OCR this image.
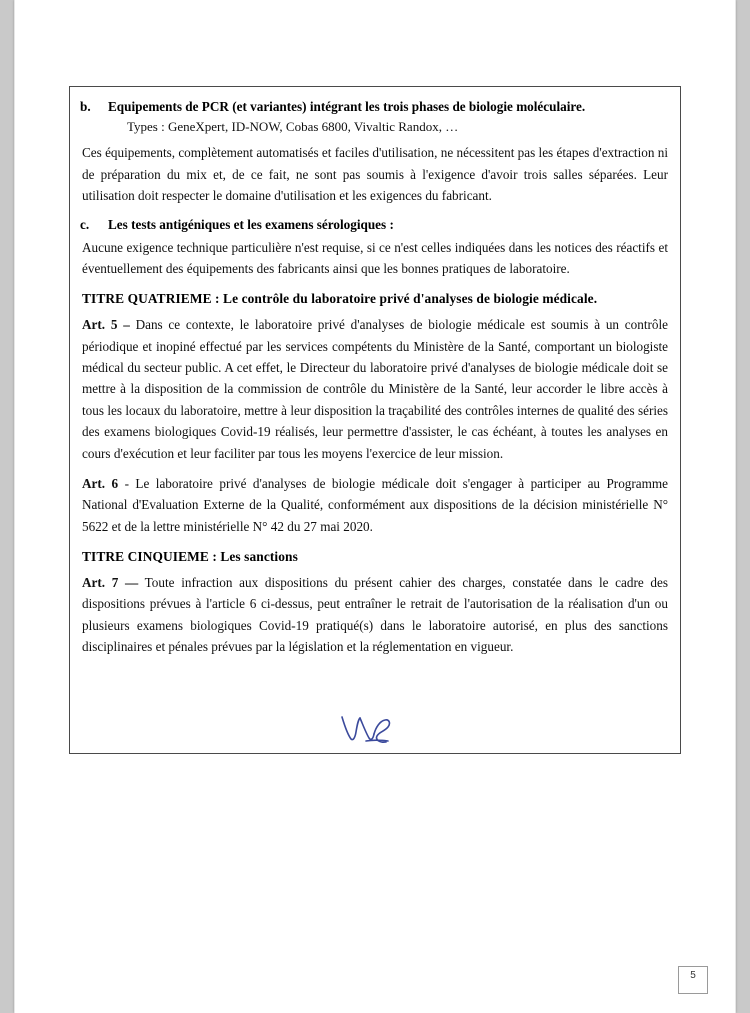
b. Equipements de PCR (et variantes) intégrant les trois phases de biologie moléculaire.

Types : GeneXpert, ID-NOW, Cobas 6800, Vivaltic Randox, …

Ces équipements, complètement automatisés et faciles d'utilisation, ne nécessitent pas les étapes d'extraction ni de préparation du mix et, de ce fait, ne sont pas soumis à l'exigence d'avoir trois salles séparées. Leur utilisation doit respecter le domaine d'utilisation et les exigences du fabricant.

c. Les tests antigéniques et les examens sérologiques :

Aucune exigence technique particulière n'est requise, si ce n'est celles indiquées dans les notices des réactifs et éventuellement des équipements des fabricants ainsi que les bonnes pratiques de laboratoire.

TITRE QUATRIEME : Le contrôle du laboratoire privé d'analyses de biologie médicale.

Art. 5 – Dans ce contexte, le laboratoire privé d'analyses de biologie médicale est soumis à un contrôle périodique et inopiné effectué par les services compétents du Ministère de la Santé, comportant un biologiste médical du secteur public. A cet effet, le Directeur du laboratoire privé d'analyses de biologie médicale doit se mettre à la disposition de la commission de contrôle du Ministère de la Santé, leur accorder le libre accès à tous les locaux du laboratoire, mettre à leur disposition la traçabilité des contrôles internes de qualité des séries des examens biologiques Covid-19 réalisés, leur permettre d'assister, le cas échéant, à toutes les analyses en cours d'exécution et leur faciliter par tous les moyens l'exercice de leur mission.

Art. 6 - Le laboratoire privé d'analyses de biologie médicale doit s'engager à participer au Programme National d'Evaluation Externe de la Qualité, conformément aux dispositions de la décision ministérielle N° 5622 et de la lettre ministérielle N° 42 du 27 mai 2020.

TITRE CINQUIEME : Les sanctions

Art. 7 — Toute infraction aux dispositions du présent cahier des charges, constatée dans le cadre des dispositions prévues à l'article 6 ci-dessus, peut entraîner le retrait de l'autorisation de la réalisation d'un ou plusieurs examens biologiques Covid-19 pratiqué(s) dans le laboratoire autorisé, en plus des sanctions disciplinaires et pénales prévues par la législation et la réglementation en vigueur.

5
